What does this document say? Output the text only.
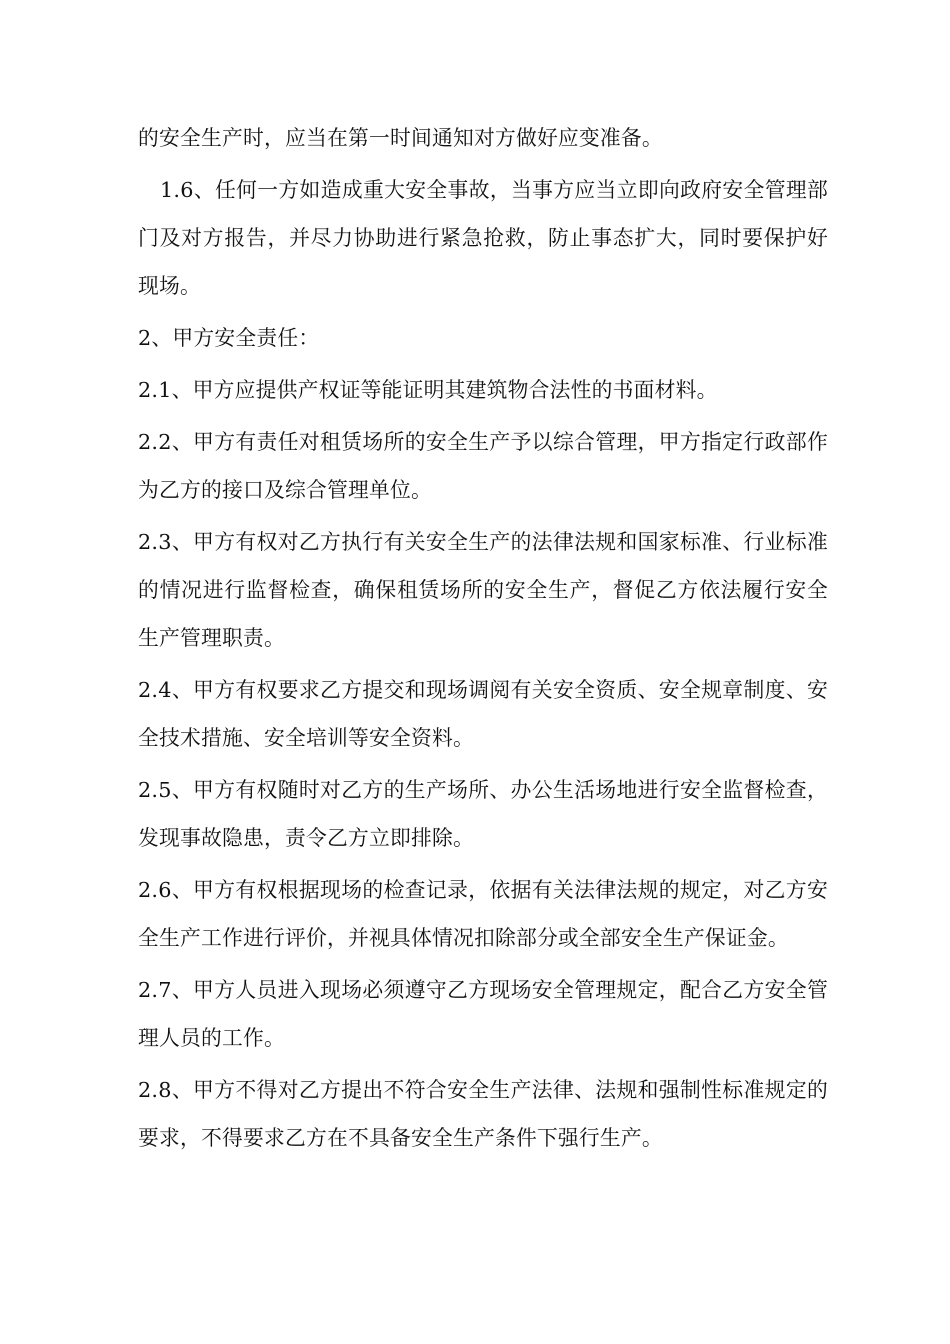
的安全生产时，应当在第一时间通知对方做好应变准备。

1.6、任何一方如造成重大安全事故，当事方应当立即向政府安全管理部门及对方报告，并尽力协助进行紧急抢救，防止事态扩大，同时要保护好现场。

2、甲方安全责任：

2.1、甲方应提供产权证等能证明其建筑物合法性的书面材料。

2.2、甲方有责任对租赁场所的安全生产予以综合管理，甲方指定行政部作为乙方的接口及综合管理单位。

2.3、甲方有权对乙方执行有关安全生产的法律法规和国家标准、行业标准的情况进行监督检查，确保租赁场所的安全生产，督促乙方依法履行安全生产管理职责。

2.4、甲方有权要求乙方提交和现场调阅有关安全资质、安全规章制度、安全技术措施、安全培训等安全资料。

2.5、甲方有权随时对乙方的生产场所、办公生活场地进行安全监督检查，发现事故隐患，责令乙方立即排除。

2.6、甲方有权根据现场的检查记录，依据有关法律法规的规定，对乙方安全生产工作进行评价，并视具体情况扣除部分或全部安全生产保证金。

2.7、甲方人员进入现场必须遵守乙方现场安全管理规定，配合乙方安全管理人员的工作。

2.8、甲方不得对乙方提出不符合安全生产法律、法规和强制性标准规定的要求，不得要求乙方在不具备安全生产条件下强行生产。
